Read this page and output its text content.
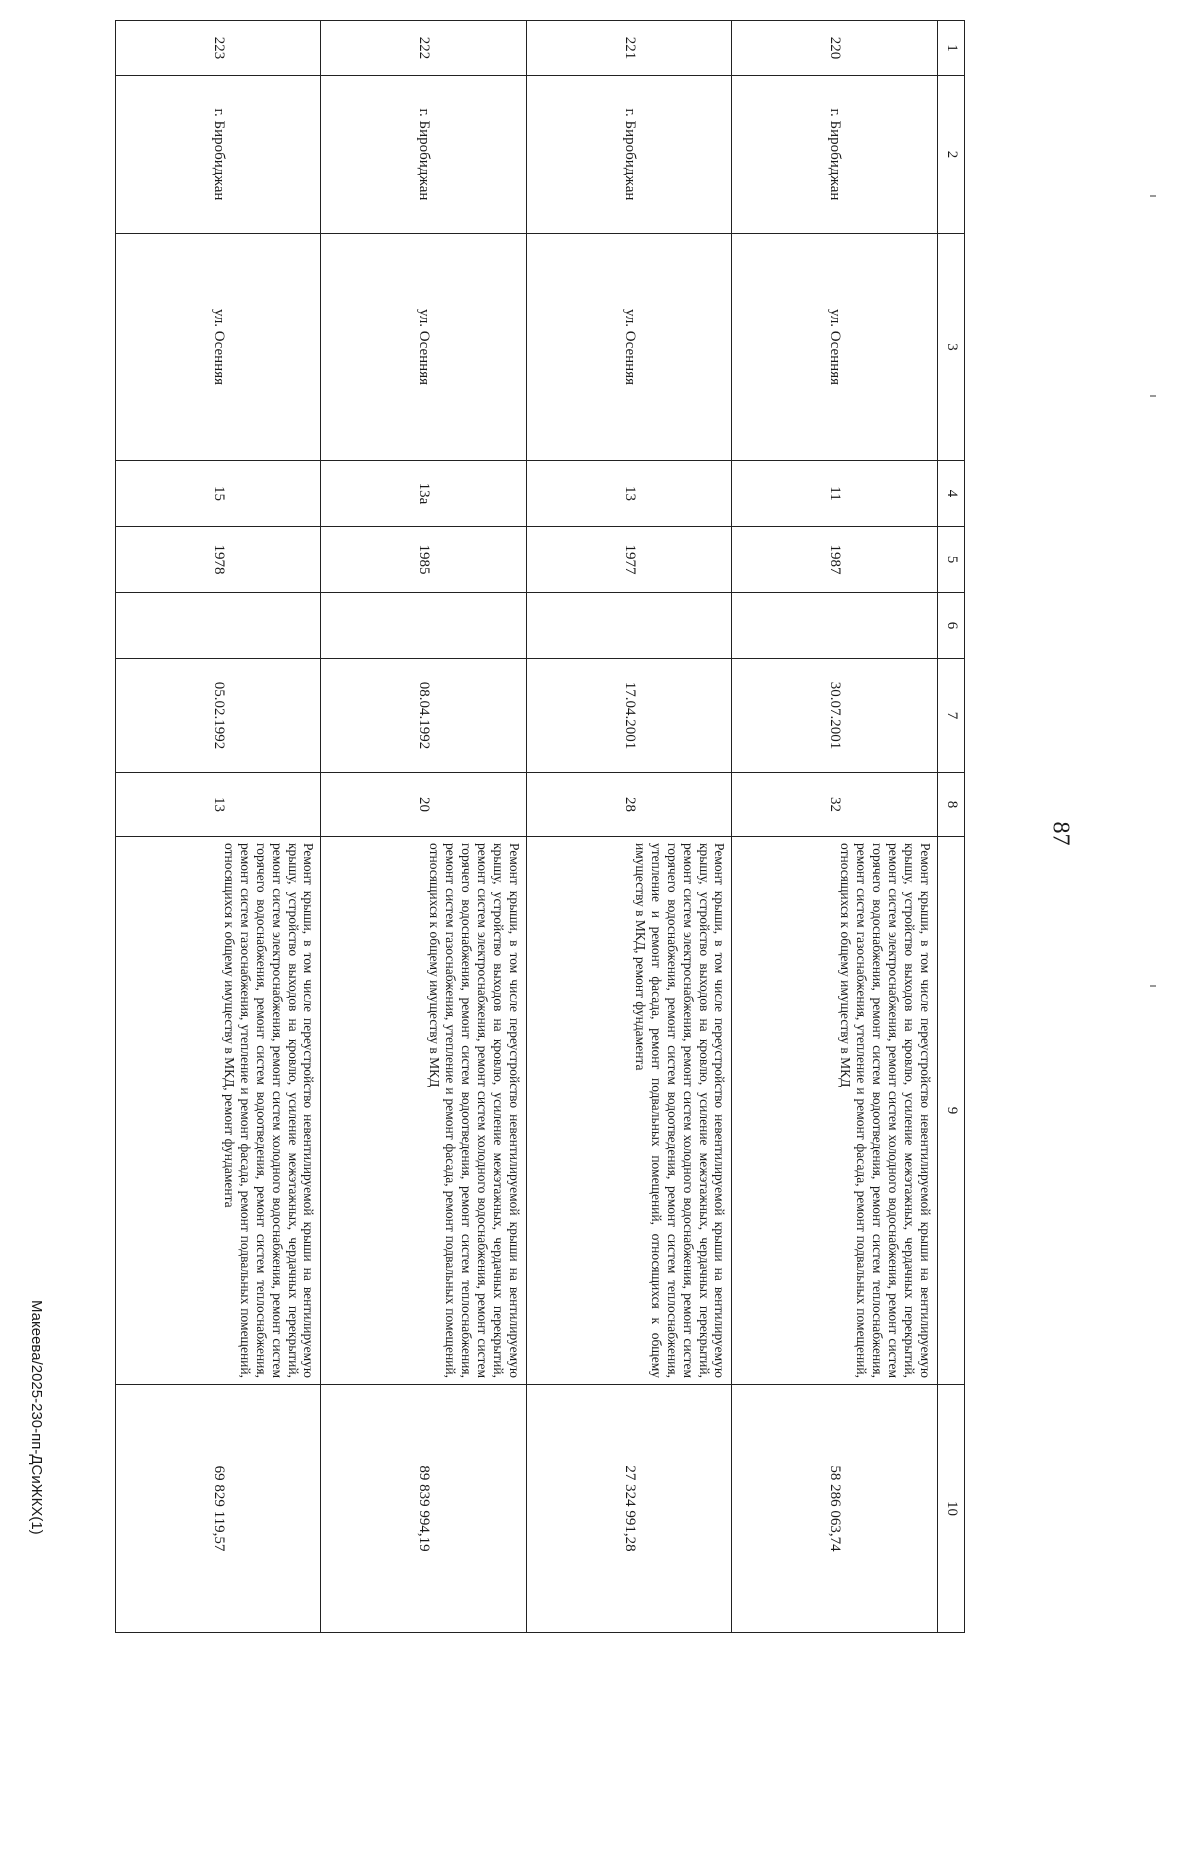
87
Макеева/2025-230-пп-ДСиЖКХ(1)
1	2	3	4	5	6	7	8	9	10
220	г. Биробиджан	ул. Осенняя	11	1987		30.07.2001	32	Ремонт крыши, в том числе переустройство невентилируемой крыши на вентилируемую крышу, устройство выходов на кровлю, усиление межэтажных, чердачных перекрытий, ремонт систем электроснабжения, ремонт систем холодного водоснабжения, ремонт систем горячего водоснабжения, ремонт систем водоотведения, ремонт систем теплоснабжения, ремонт систем газоснабжения, утепление и ремонт фасада, ремонт подвальных помещений, относящихся к общему имуществу в МКД	58 286 063,74
221	г. Биробиджан	ул. Осенняя	13	1977		17.04.2001	28	Ремонт крыши, в том числе переустройство невентилируемой крыши на вентилируемую крышу, устройство выходов на кровлю, усиление межэтажных, чердачных перекрытий, ремонт систем электроснабжения, ремонт систем холодного водоснабжения, ремонт систем горячего водоснабжения, ремонт систем водоотведения, ремонт систем теплоснабжения, утепление и ремонт фасада, ремонт подвальных помещений, относящихся к общему имуществу в МКД, ремонт фундамента	27 324 991,28
222	г. Биробиджан	ул. Осенняя	13а	1985		08.04.1992	20	Ремонт крыши, в том числе переустройство невентилируемой крыши на вентилируемую крышу, устройство выходов на кровлю, усиление межэтажных, чердачных перекрытий, ремонт систем электроснабжения, ремонт систем холодного водоснабжения, ремонт систем горячего водоснабжения, ремонт систем водоотведения, ремонт систем теплоснабжения, ремонт систем газоснабжения, утепление и ремонт фасада, ремонт подвальных помещений, относящихся к общему имуществу в МКД	89 839 994,19
223	г. Биробиджан	ул. Осенняя	15	1978		05.02.1992	13	Ремонт крыши, в том числе переустройство невентилируемой крыши на вентилируемую крышу, устройство выходов на кровлю, усиление межэтажных, чердачных перекрытий, ремонт систем электроснабжения, ремонт систем холодного водоснабжения, ремонт систем горячего водоснабжения, ремонт систем водоотведения, ремонт систем теплоснабжения, ремонт систем газоснабжения, утепление и ремонт фасада, ремонт подвальных помещений, относящихся к общему имуществу в МКД, ремонт фундамента	69 829 119,57
